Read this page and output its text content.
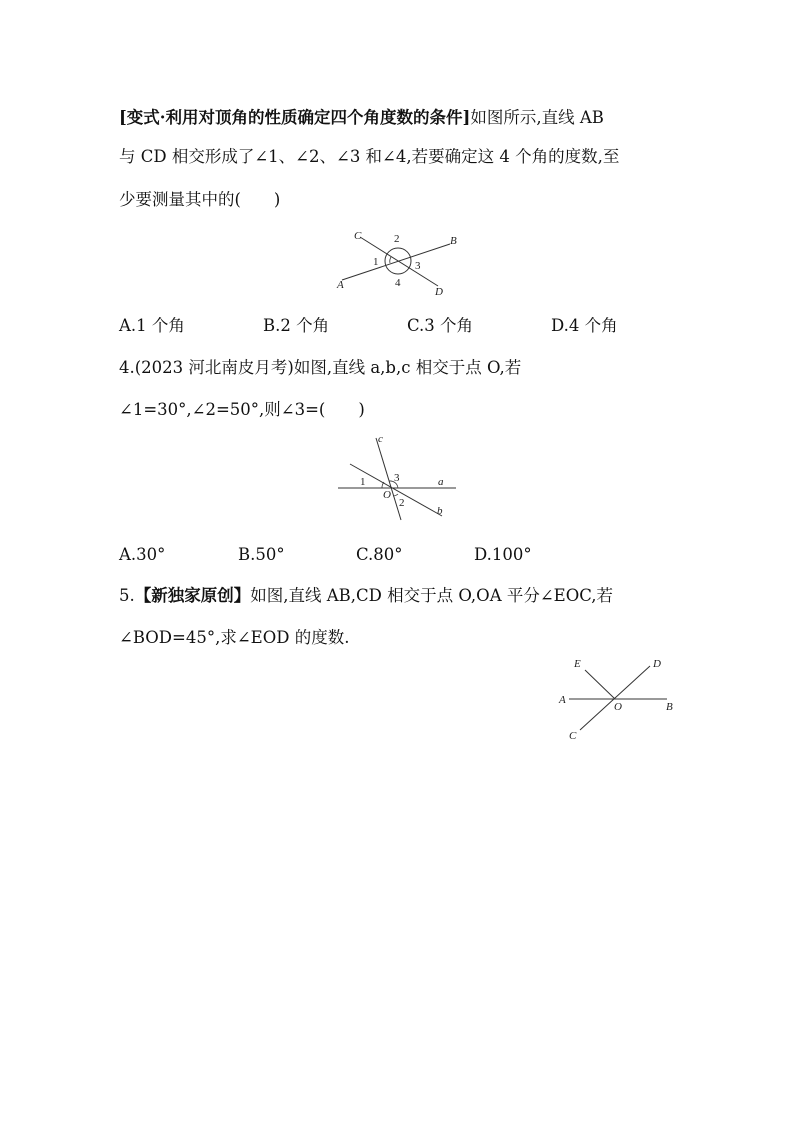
[变式·利用对顶角的性质确定四个角度数的条件]如图所示,直线 AB
与 CD 相交形成了∠1、∠2、∠3 和∠4,若要确定这 4 个角的度数,至
少要测量其中的(　　)
C	2	B
1	3
4
A
D
A.1 个角	B.2 个角	C.3 个角	D.4 个角
4.(2023 河北南皮月考)如图,直线 a,b,c 相交于点 O,若
∠1=30°,∠2=50°,则∠3=(　　)
c
3
1	a
O
2
b
A.30°	B.50°	C.80°	D.100°
5.【新独家原创】如图,直线 AB,CD 相交于点 O,OA 平分∠EOC,若
∠BOD=45°,求∠EOD 的度数.
E	D
A
O	B
C
